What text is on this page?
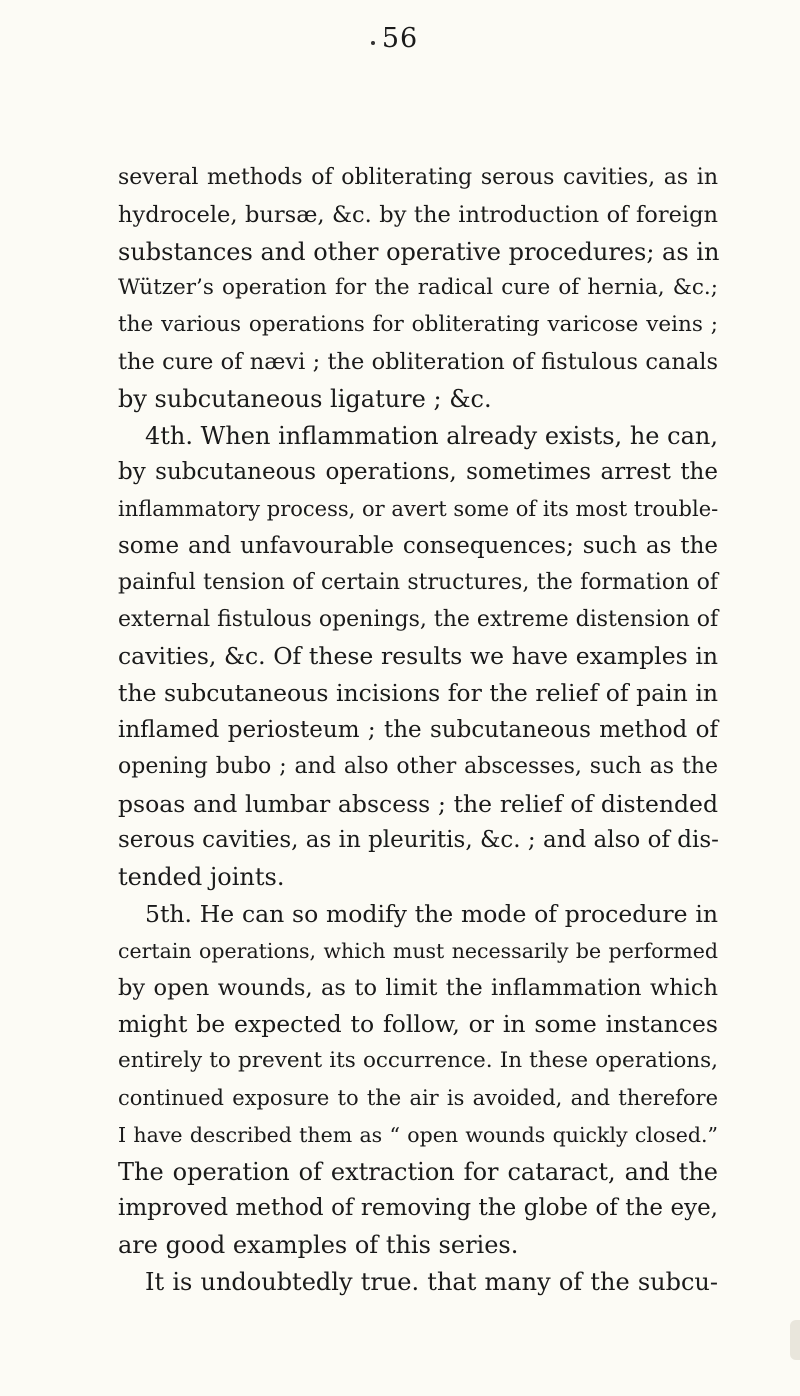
56
several methods of obliterating serous cavities, as in
hydrocele, bursæ, &c. by the introduction of foreign
substances and other operative procedures; as in
Wützer’s operation for the radical cure of hernia, &c.;
the various operations for obliterating varicose veins ;
the cure of nævi ; the obliteration of fistulous canals
by subcutaneous ligature ; &c.
4th. When inflammation already exists, he can,
by subcutaneous operations, sometimes arrest the
inflammatory process, or avert some of its most trouble-
some and unfavourable consequences; such as the
painful tension of certain structures, the formation of
external fistulous openings, the extreme distension of
cavities, &c. Of these results we have examples in
the subcutaneous incisions for the relief of pain in
inflamed periosteum ; the subcutaneous method of
opening bubo ; and also other abscesses, such as the
psoas and lumbar abscess ; the relief of distended
serous cavities, as in pleuritis, &c. ; and also of dis-
tended joints.
5th. He can so modify the mode of procedure in
certain operations, which must necessarily be performed
by open wounds, as to limit the inflammation which
might be expected to follow, or in some instances
entirely to prevent its occurrence. In these operations,
continued exposure to the air is avoided, and therefore
I have described them as “ open wounds quickly closed.”
The operation of extraction for cataract, and the
improved method of removing the globe of the eye,
are good examples of this series.
It is undoubtedly true. that many of the subcu-
